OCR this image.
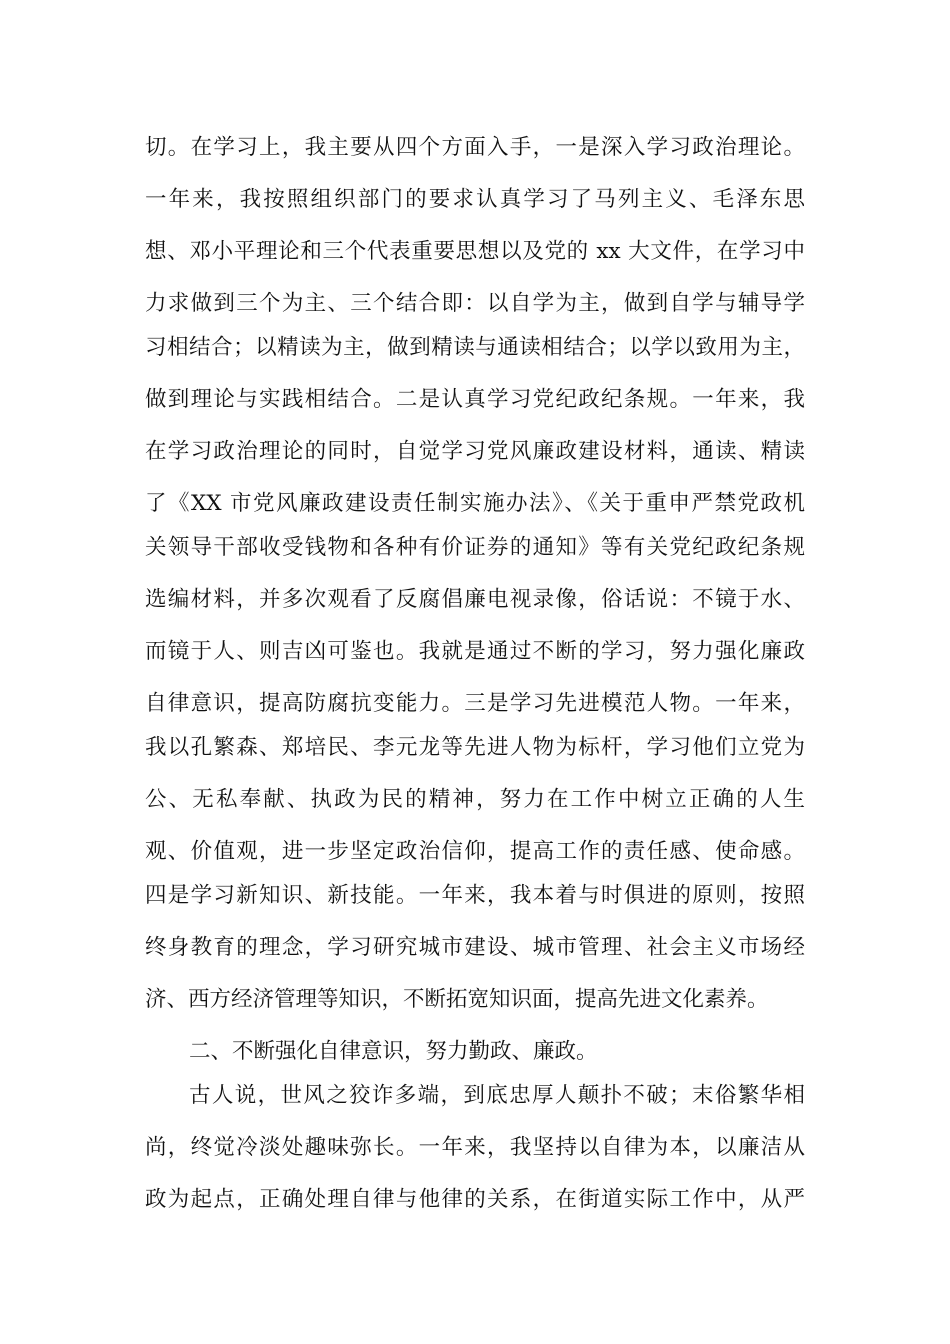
切。在学习上，我主要从四个方面入手，一是深入学习政治理论。
一年来，我按照组织部门的要求认真学习了马列主义、毛泽东思
想、邓小平理论和三个代表重要思想以及党的 xx 大文件，在学习中
力求做到三个为主、三个结合即：以自学为主，做到自学与辅导学
习相结合；以精读为主，做到精读与通读相结合；以学以致用为主，
做到理论与实践相结合。二是认真学习党纪政纪条规。一年来，我
在学习政治理论的同时，自觉学习党风廉政建设材料，通读、精读
了《XX 市党风廉政建设责任制实施办法》、《关于重申严禁党政机
关领导干部收受钱物和各种有价证券的通知》等有关党纪政纪条规
选编材料，并多次观看了反腐倡廉电视录像，俗话说：不镜于水、
而镜于人、则吉凶可鉴也。我就是通过不断的学习，努力强化廉政
自律意识，提高防腐抗变能力。三是学习先进模范人物。一年来，
我以孔繁森、郑培民、李元龙等先进人物为标杆，学习他们立党为
公、无私奉献、执政为民的精神，努力在工作中树立正确的人生
观、价值观，进一步坚定政治信仰，提高工作的责任感、使命感。
四是学习新知识、新技能。一年来，我本着与时俱进的原则，按照
终身教育的理念，学习研究城市建设、城市管理、社会主义市场经
济、西方经济管理等知识，不断拓宽知识面，提高先进文化素养。
二、不断强化自律意识，努力勤政、廉政。
古人说，世风之狡诈多端，到底忠厚人颠扑不破；末俗繁华相
尚，终觉冷淡处趣味弥长。一年来，我坚持以自律为本，以廉洁从
政为起点，正确处理自律与他律的关系，在街道实际工作中，从严
